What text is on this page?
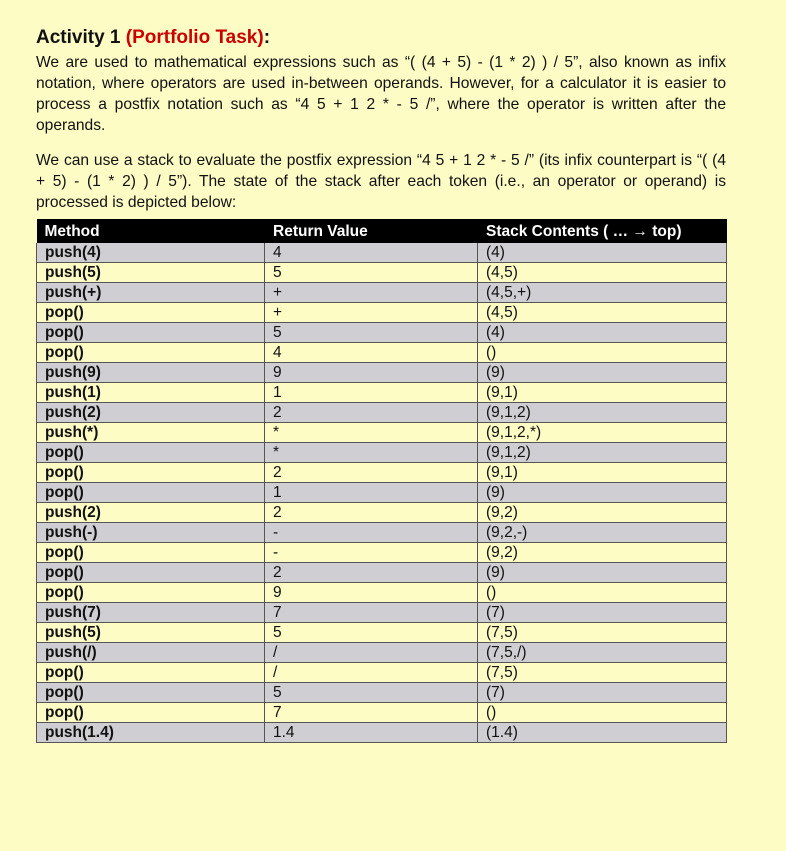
Activity 1 (Portfolio Task):

We are used to mathematical expressions such as “( (4 + 5) - (1 * 2) ) / 5”, also known as infix notation, where operators are used in-between operands. However, for a calculator it is easier to process a postfix notation such as “4 5 + 1 2 * - 5 /”, where the operator is written after the operands.

We can use a stack to evaluate the postfix expression “4 5 + 1 2 * - 5 /” (its infix counterpart is “( (4 + 5) - (1 * 2) ) / 5”). The state of the stack after each token (i.e., an operator or operand) is processed is depicted below:

Method	Return Value	Stack Contents ( … → top)
push(4)	4	(4)
push(5)	5	(4,5)
push(+)	+	(4,5,+)
pop()	+	(4,5)
pop()	5	(4)
pop()	4	()
push(9)	9	(9)
push(1)	1	(9,1)
push(2)	2	(9,1,2)
push(*)	*	(9,1,2,*)
pop()	*	(9,1,2)
pop()	2	(9,1)
pop()	1	(9)
push(2)	2	(9,2)
push(-)	-	(9,2,-)
pop()	-	(9,2)
pop()	2	(9)
pop()	9	()
push(7)	7	(7)
push(5)	5	(7,5)
push(/)	/	(7,5,/)
pop()	/	(7,5)
pop()	5	(7)
pop()	7	()
push(1.4)	1.4	(1.4)
